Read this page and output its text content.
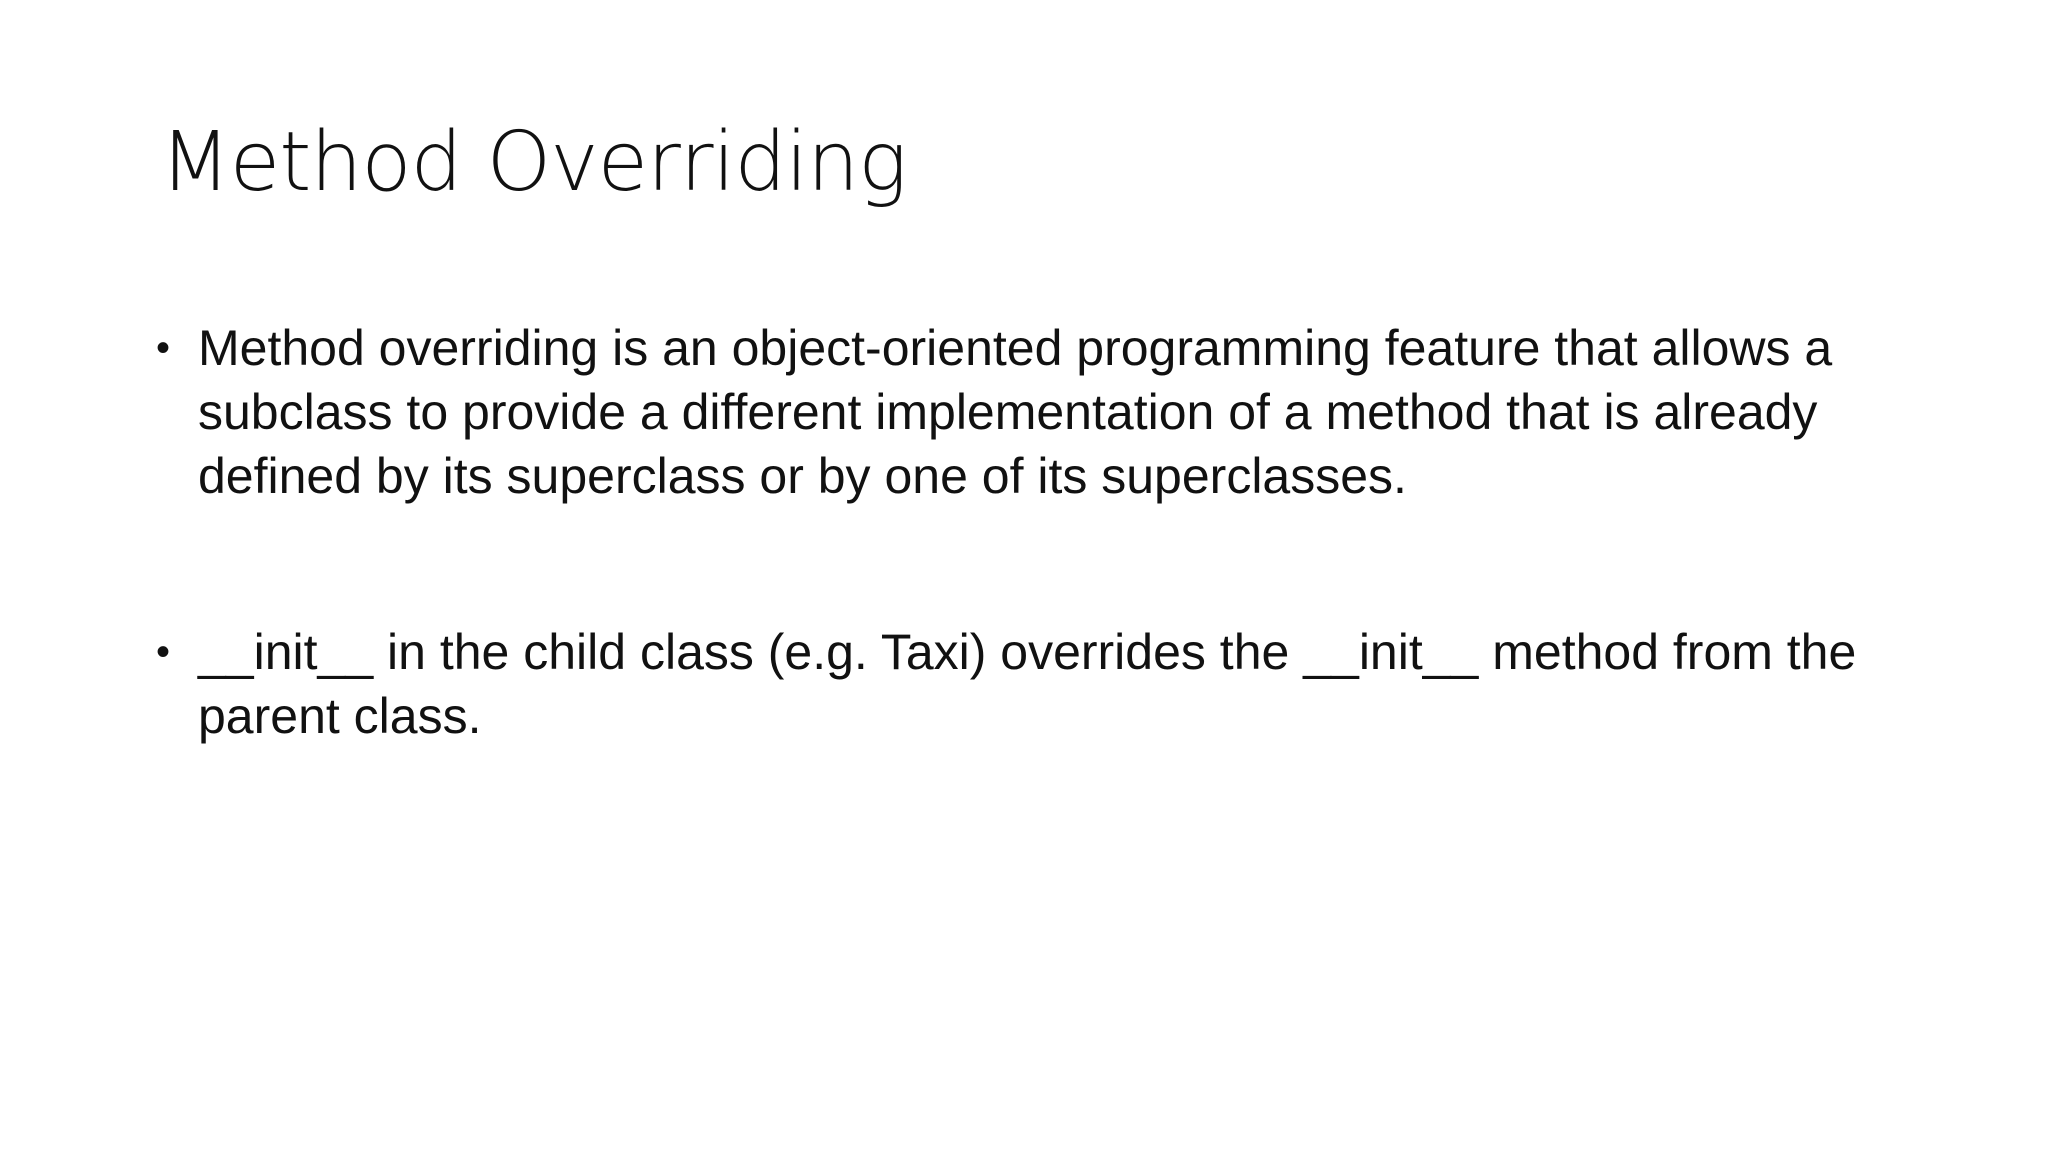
Method Overriding
• Method overriding is an object-oriented programming feature that allows a subclass to provide a different implementation of a method that is already defined by its superclass or by one of its superclasses.
• __init__ in the child class (e.g. Taxi) overrides the __init__ method from the parent class.
